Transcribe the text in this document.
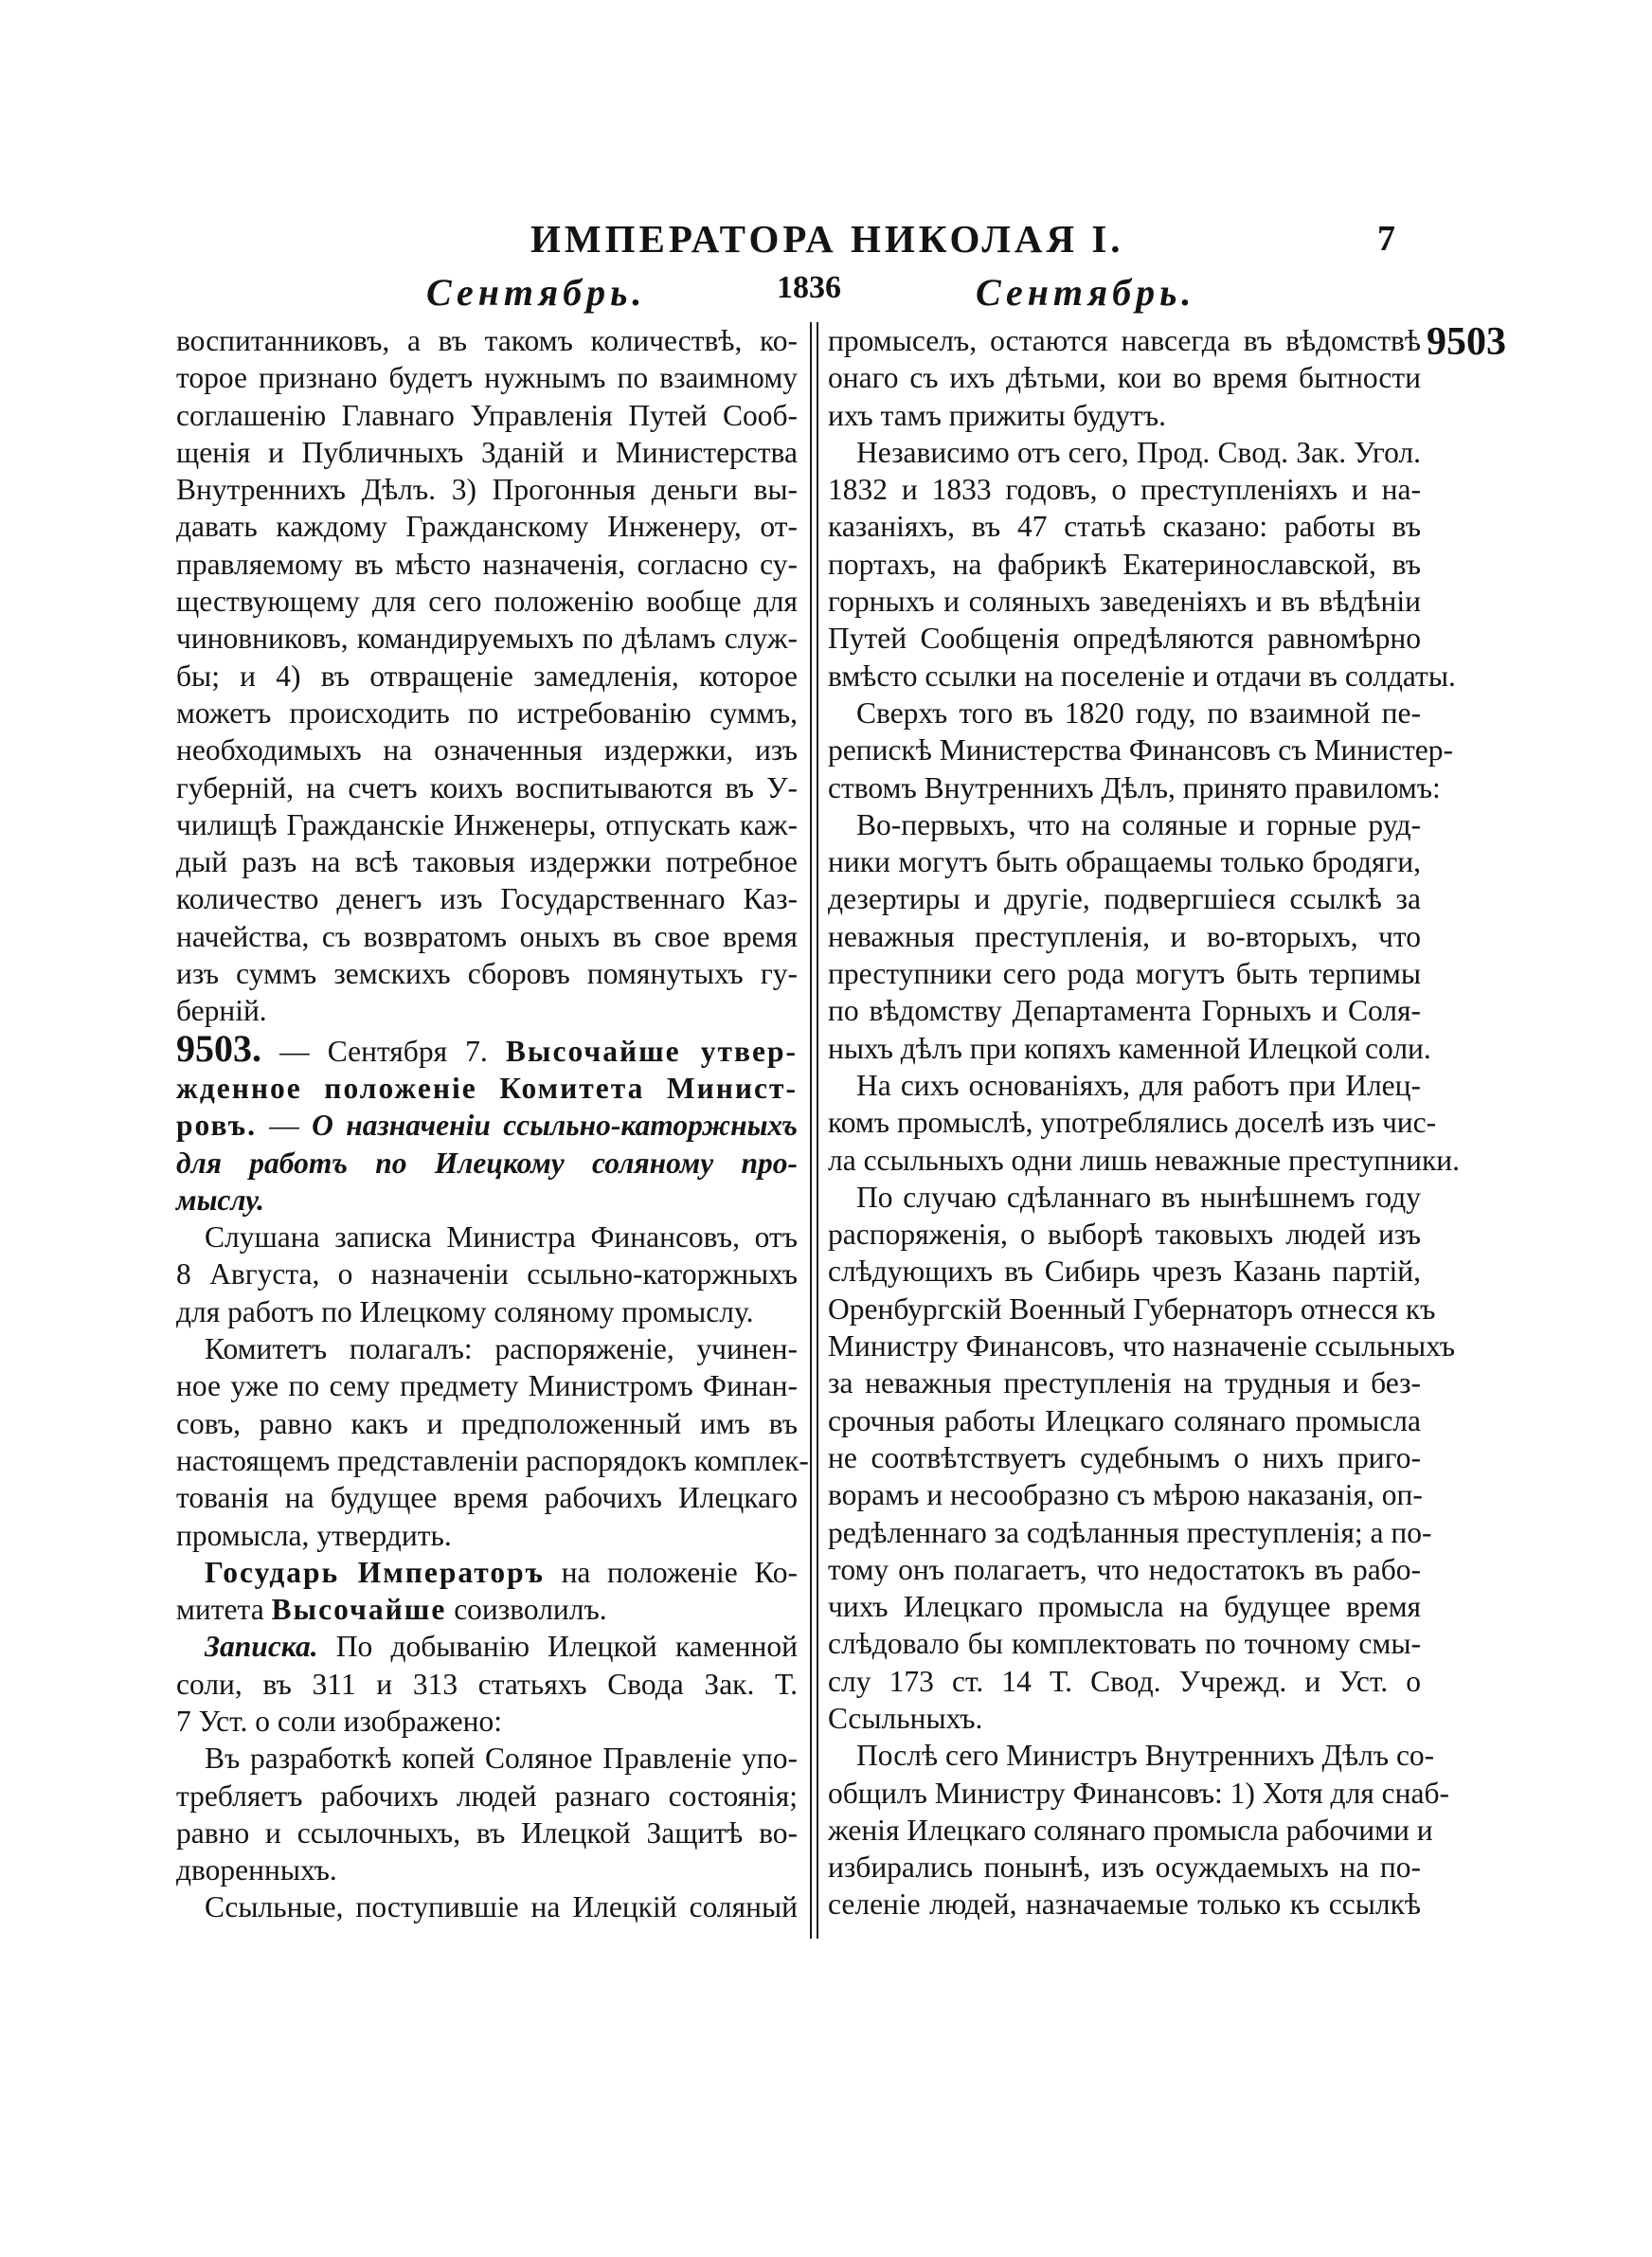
ИМПЕРАТОРА НИКОЛАЯ I.	7
Сентябрь.	1836	Сентябрь.
9503
воспитанниковъ, а въ такомъ количествѣ, ко-
торое признано будетъ нужнымъ по взаимному
соглашенію Главнаго Управленія Путей Сооб-
щенія и Публичныхъ Зданій и Министерства
Внутреннихъ Дѣлъ. 3) Прогонныя деньги вы-
давать каждому Гражданскому Инженеру, от-
правляемому въ мѣсто назначенія, согласно су-
ществующему для сего положенію вообще для
чиновниковъ, командируемыхъ по дѣламъ служ-
бы; и 4) въ отвращеніе замедленія, которое
можетъ происходить по истребованію суммъ,
необходимыхъ на означенныя издержки, изъ
губерній, на счетъ коихъ воспитываются въ У-
чилищѣ Гражданскіе Инженеры, отпускать каж-
дый разъ на всѣ таковыя издержки потребное
количество денегъ изъ Государственнаго Каз-
начейства, съ возвратомъ оныхъ въ свое время
изъ суммъ земскихъ сборовъ помянутыхъ гу-
берній.
9503. — Сентября 7. Высочайше утвер-
жденное положеніе Комитета Минист-
ровъ. — О назначеніи ссыльно-каторжныхъ
для работъ по Илецкому соляному про-
мыслу.
Слушана записка Министра Финансовъ, отъ
8 Августа, о назначеніи ссыльно-каторжныхъ
для работъ по Илецкому соляному промыслу.
Комитетъ полагалъ: распоряженіе, учинен-
ное уже по сему предмету Министромъ Финан-
совъ, равно какъ и предположенный имъ въ
настоящемъ представленіи распорядокъ комплек-
тованія на будущее время рабочихъ Илецкаго
промысла, утвердить.
Государь Императоръ на положеніе Ко-
митета Высочайше соизволилъ.
Записка. По добыванію Илецкой каменной
соли, въ 311 и 313 статьяхъ Свода Зак. Т.
7 Уст. о соли изображено:
Въ разработкѣ копей Соляное Правленіе упо-
требляетъ рабочихъ людей разнаго состоянія;
равно и ссылочныхъ, въ Илецкой Защитѣ во-
дворенныхъ.
Ссыльные, поступившіе на Илецкій соляный
промыселъ, остаются навсегда въ вѣдомствѣ
онаго съ ихъ дѣтьми, кои во время бытности
ихъ тамъ прижиты будутъ.
Независимо отъ сего, Прод. Свод. Зак. Угол.
1832 и 1833 годовъ, о преступленіяхъ и на-
казаніяхъ, въ 47 статьѣ сказано: работы въ
портахъ, на фабрикѣ Екатеринославской, въ
горныхъ и соляныхъ заведеніяхъ и въ вѣдѣніи
Путей Сообщенія опредѣляются равномѣрно
вмѣсто ссылки на поселеніе и отдачи въ солдаты.
Сверхъ того въ 1820 году, по взаимной пе-
репискѣ Министерства Финансовъ съ Министер-
ствомъ Внутреннихъ Дѣлъ, принято правиломъ:
Во-первыхъ, что на соляные и горные руд-
ники могутъ быть обращаемы только бродяги,
дезертиры и другіе, подвергшіеся ссылкѣ за
неважныя преступленія, и во-вторыхъ, что
преступники сего рода могутъ быть терпимы
по вѣдомству Департамента Горныхъ и Соля-
ныхъ дѣлъ при копяхъ каменной Илецкой соли.
На сихъ основаніяхъ, для работъ при Илец-
комъ промыслѣ, употреблялись доселѣ изъ чис-
ла ссыльныхъ одни лишь неважные преступники.
По случаю сдѣланнаго въ нынѣшнемъ году
распоряженія, о выборѣ таковыхъ людей изъ
слѣдующихъ въ Сибирь чрезъ Казань партій,
Оренбургскій Военный Губернаторъ отнесся къ
Министру Финансовъ, что назначеніе ссыльныхъ
за неважныя преступленія на трудныя и без-
срочныя работы Илецкаго солянаго промысла
не соотвѣтствуетъ судебнымъ о нихъ приго-
ворамъ и несообразно съ мѣрою наказанія, оп-
редѣленнаго за содѣланныя преступленія; а по-
тому онъ полагаетъ, что недостатокъ въ рабо-
чихъ Илецкаго промысла на будущее время
слѣдовало бы комплектовать по точному смы-
слу 173 ст. 14 Т. Свод. Учрежд. и Уст. о
Ссыльныхъ.
Послѣ сего Министръ Внутреннихъ Дѣлъ со-
общилъ Министру Финансовъ: 1) Хотя для снаб-
женія Илецкаго солянаго промысла рабочими и
избирались понынѣ, изъ осуждаемыхъ на по-
селеніе людей, назначаемые только къ ссылкѣ
